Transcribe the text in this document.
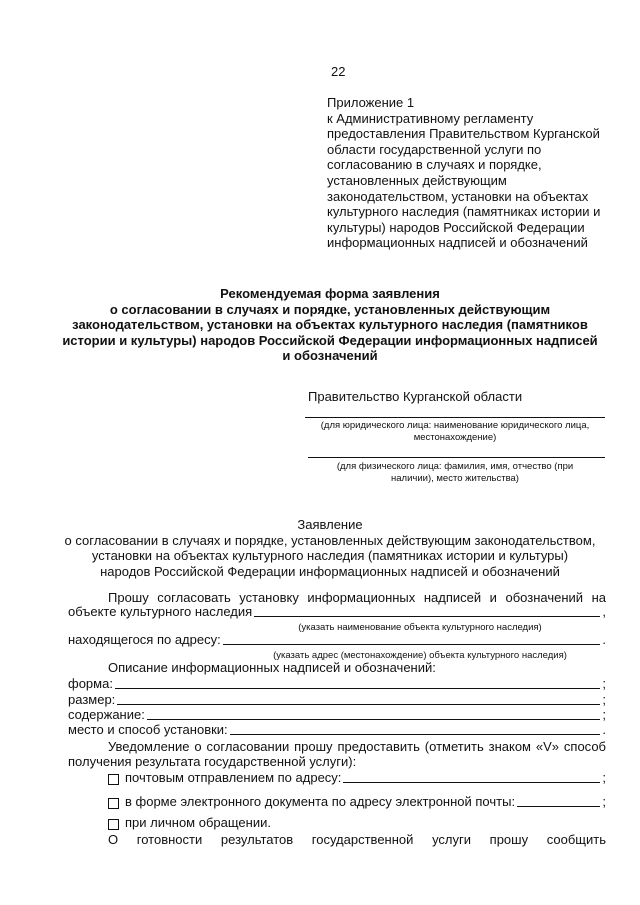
22
Приложение 1
к Административному регламенту
предоставления Правительством Курганской
области государственной услуги по
согласованию в случаях и порядке,
установленных действующим
законодательством, установки на объектах
культурного наследия (памятниках истории и
культуры) народов Российской Федерации
информационных надписей и обозначений
Рекомендуемая форма заявления
о согласовании в случаях и порядке, установленных действующим
законодательством, установки на объектах культурного наследия (памятников
истории и культуры) народов Российской Федерации информационных надписей
и обозначений
Правительство Курганской области
(для юридического лица: наименование юридического лица,
местонахождение)
(для физического лица: фамилия, имя, отчество (при
наличии), место жительства)
Заявление
о согласовании в случаях и порядке, установленных действующим законодательством,
установки на объектах культурного наследия (памятниках истории и культуры)
народов Российской Федерации информационных надписей и обозначений
Прошу согласовать установку информационных надписей и обозначений на
объекте культурного наследия	,
(указать наименование объекта культурного наследия)
находящегося по адресу:	.
(указать адрес (местонахождение) объекта культурного наследия)
Описание информационных надписей и обозначений:
форма:	;
размер:	;
содержание:	;
место и способ установки:	.
Уведомление о согласовании прошу предоставить (отметить знаком «V» способ
получения результата государственной услуги):
почтовым отправлением по адресу:	;
в форме электронного документа по адресу электронной почты:	;
при личном обращении.
О готовности результатов государственной услуги прошу сообщить
